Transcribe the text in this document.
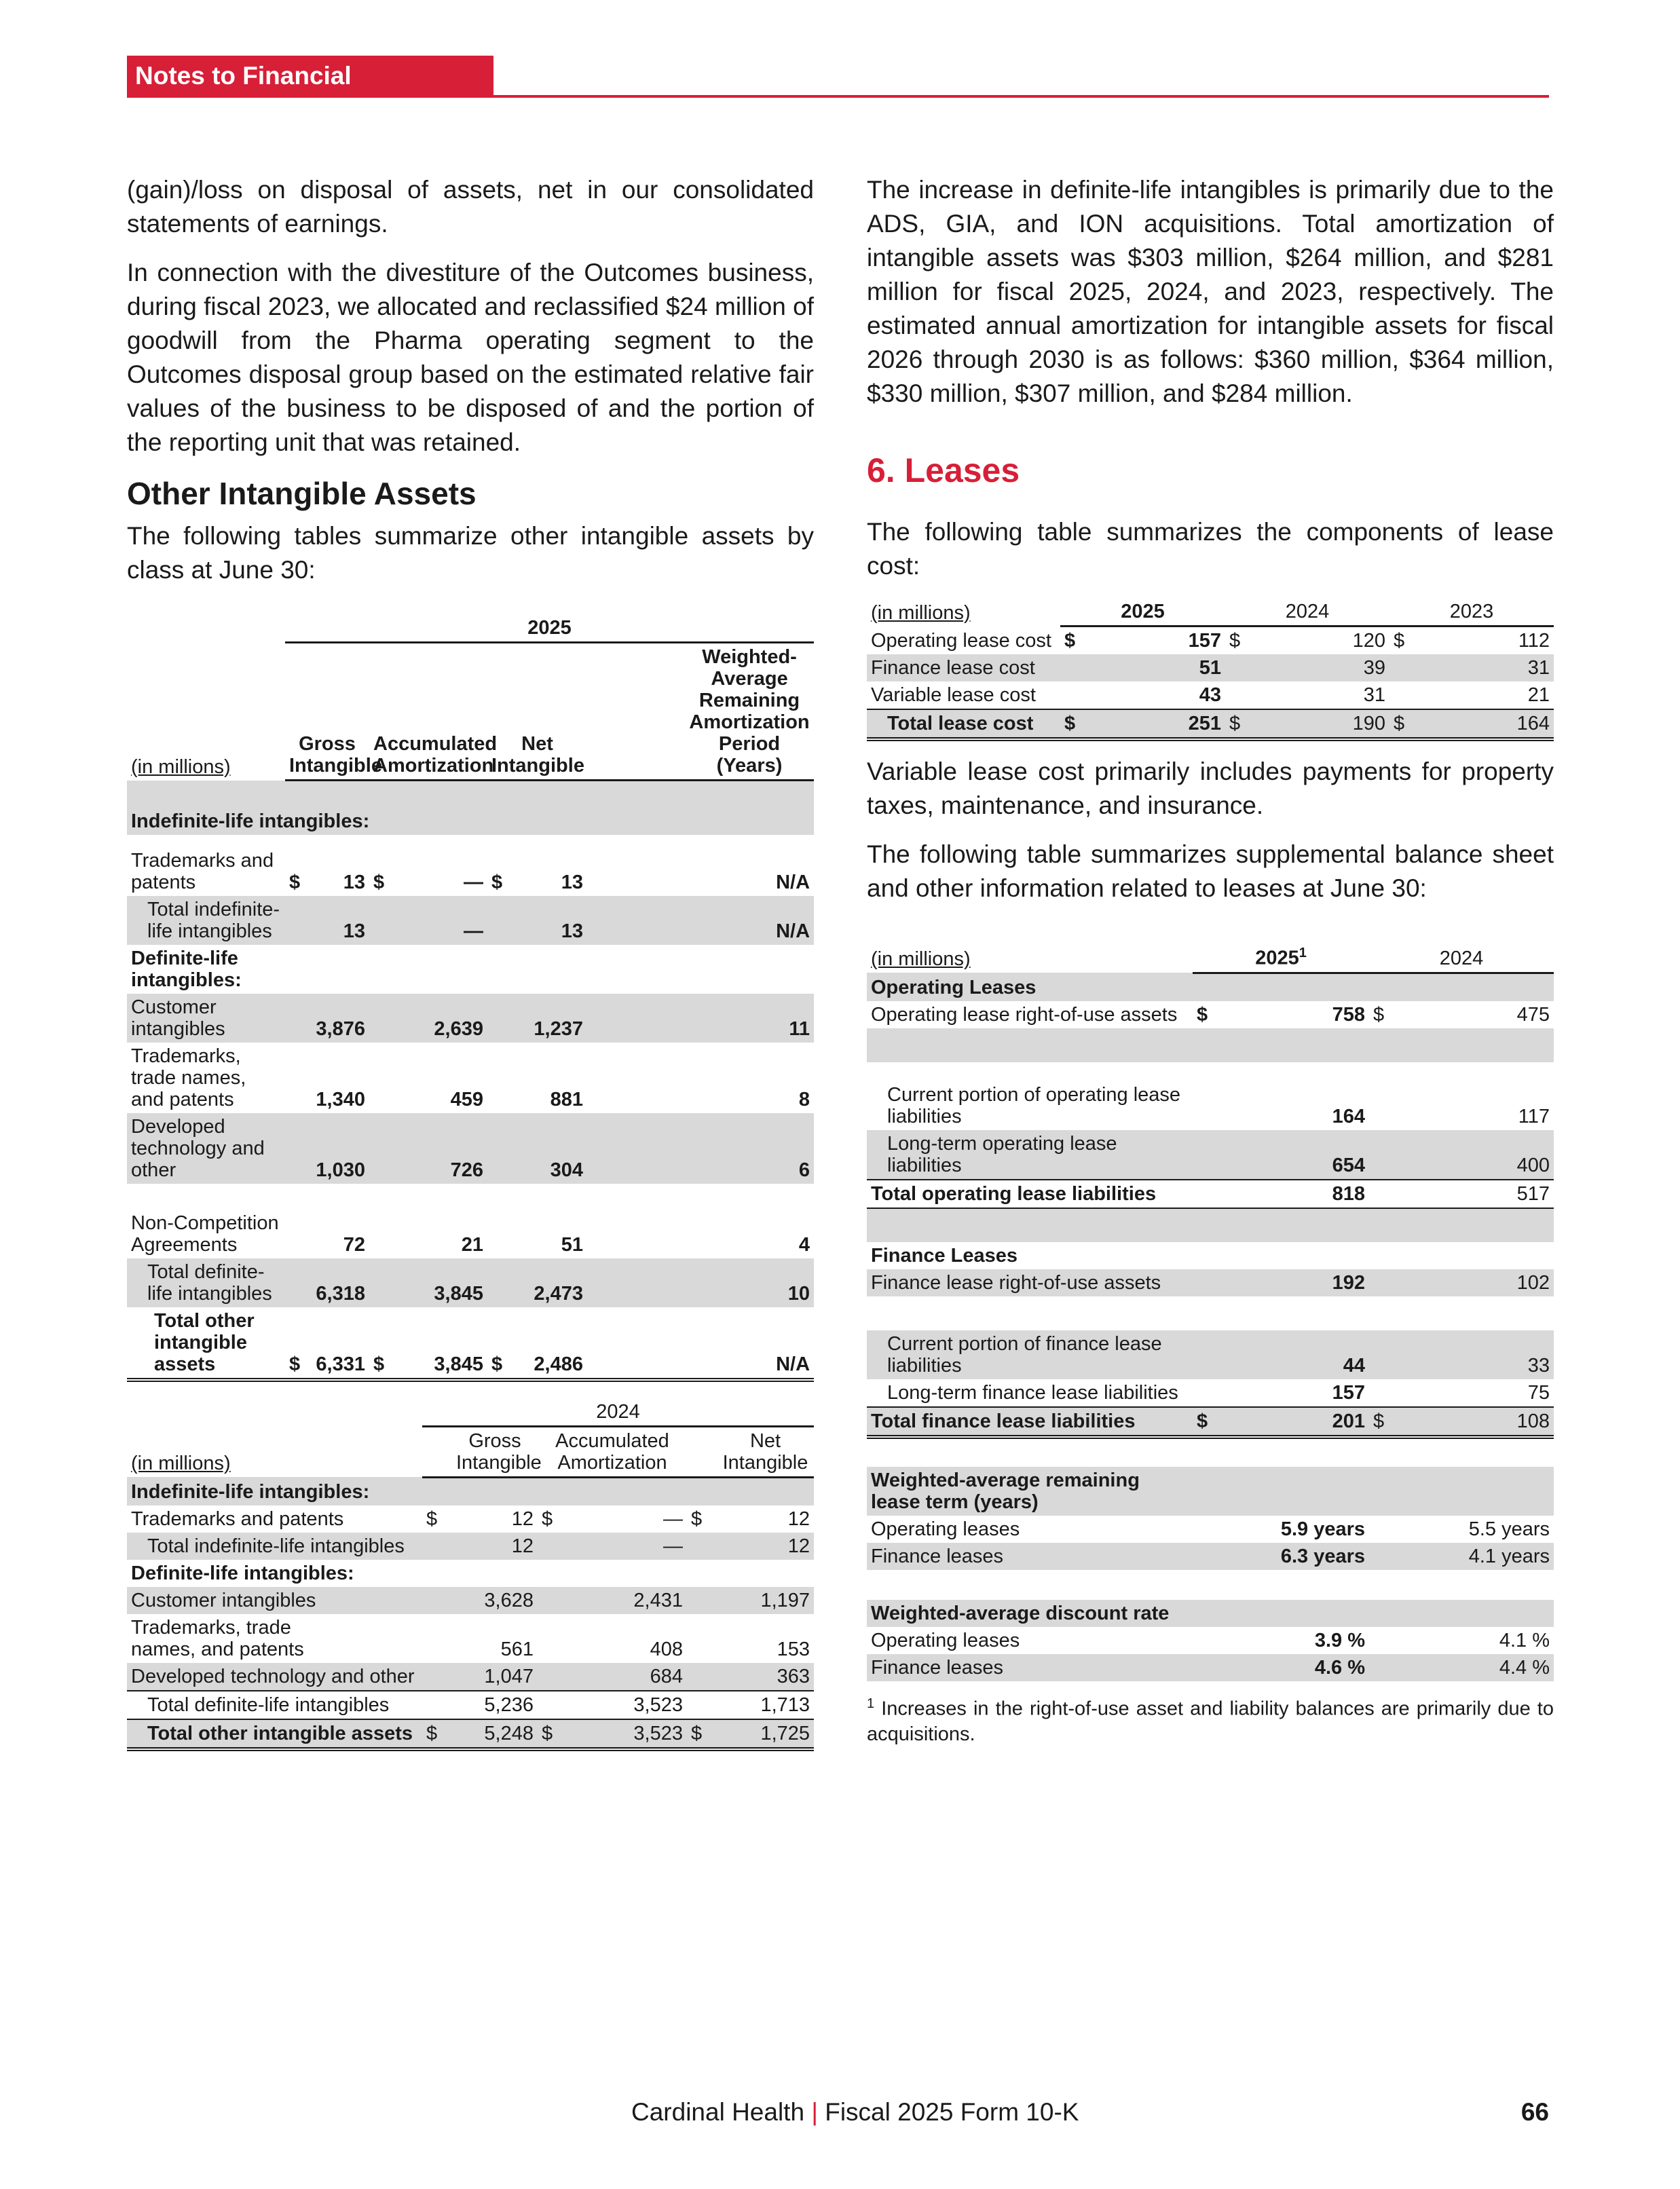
Notes to Financial Statements

(gain)/loss on disposal of assets, net in our consolidated statements of earnings.

In connection with the divestiture of the Outcomes business, during fiscal 2023, we allocated and reclassified $24 million of goodwill from the Pharma operating segment to the Outcomes disposal group based on the estimated relative fair values of the business to be disposed of and the portion of the reporting unit that was retained.

Other Intangible Assets

The following tables summarize other intangible assets by class at June 30:

	2025						
(in millions)	Gross Intangible		Accumulated Amortization		Net Intangible		Weighted-Average Remaining Amortization Period (Years)
Indefinite-life intangibles:							
Trademarks and patents	$	13	$	—	$	13	N/A
Total indefinite-life intangibles		13		—		13	N/A
Definite-life intangibles:							
Customer intangibles		3,876		2,639		1,237	11
Trademarks, trade names, and patents		1,340		459		881	8
Developed technology and other		1,030		726		304	6
Non-Competition Agreements		72		21		51	4
Total definite-life intangibles		6,318		3,845		2,473	10
Total other intangible assets	$	6,331	$	3,845	$	2,486	N/A
	2024					
(in millions)	Gross Intangible		Accumulated Amortization		Net Intangible	
Indefinite-life intangibles:						
Trademarks and patents	$	12	$	—	$	12
Total indefinite-life intangibles		12		—		12
Definite-life intangibles:						
Customer intangibles		3,628		2,431		1,197
Trademarks, trade names, and patents		561		408		153
Developed technology and other		1,047		684		363
Total definite-life intangibles		5,236		3,523		1,713
Total other intangible assets	$	5,248	$	3,523	$	1,725

The increase in definite-life intangibles is primarily due to the ADS, GIA, and ION acquisitions. Total amortization of intangible assets was $303 million, $264 million, and $281 million for fiscal 2025, 2024, and 2023, respectively. The estimated annual amortization for intangible assets for fiscal 2026 through 2030 is as follows: $360 million, $364 million, $330 million, $307 million, and $284 million.

6. Leases

The following table summarizes the components of lease cost:

(in millions)	2025		2024		2023	
Operating lease cost	$	157	$	120	$	112
Finance lease cost		51		39		31
Variable lease cost		43		31		21
Total lease cost	$	251	$	190	$	164

Variable lease cost primarily includes payments for property taxes, maintenance, and insurance.

The following table summarizes supplemental balance sheet and other information related to leases at June 30:

(in millions)	2025$^1$		2024	
Operating Leases				
Operating lease right-of-use assets	$	758	$	475

Current portion of operating lease liabilities		164		117
Long-term operating lease liabilities		654		400
Total operating lease liabilities		818		517

Finance Leases				
Finance lease right-of-use assets		192		102

Current portion of finance lease liabilities		44		33
Long-term finance lease liabilities		157		75
Total finance lease liabilities	$	201	$	108

Weighted-average remaining lease term (years)				
Operating leases		5.9 years		5.5 years
Finance leases		6.3 years		4.1 years

Weighted-average discount rate				
Operating leases		3.9 %		4.1 %
Finance leases		4.6 %		4.4 %
$^1$ Increases in the right-of-use asset and liability balances are primarily due to acquisitions.
Cardinal Health | Fiscal 2025 Form 10-K	66
